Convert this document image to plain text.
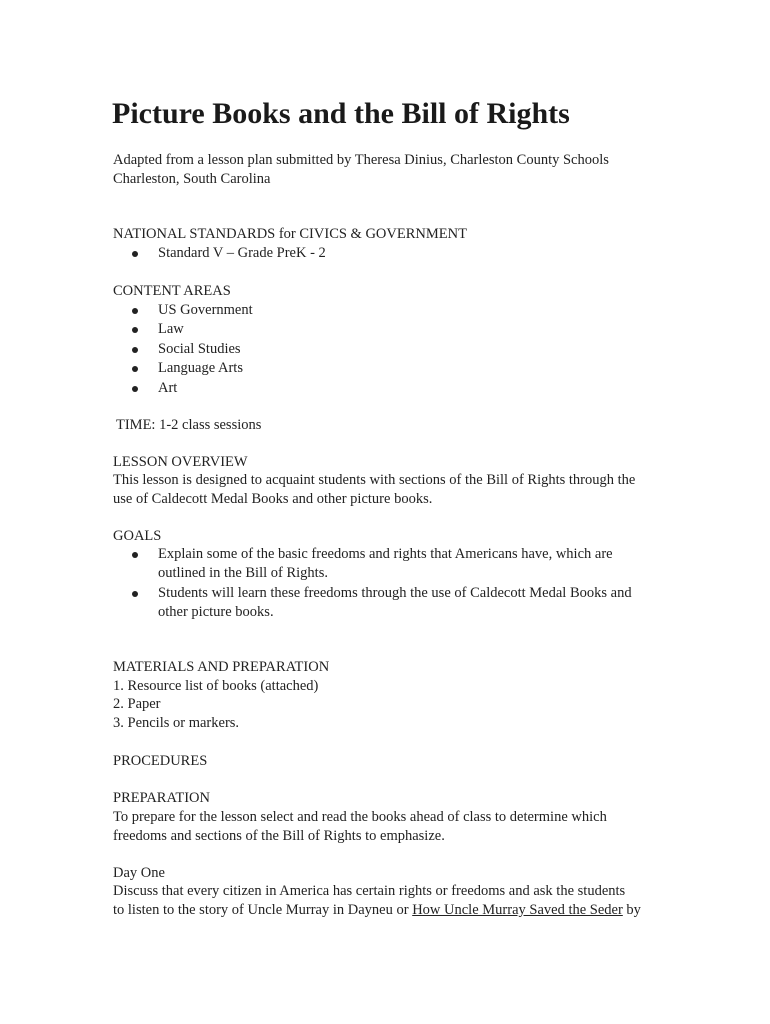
Picture Books and the Bill of Rights
Adapted from a lesson plan submitted by Theresa Dinius, Charleston County Schools
Charleston, South Carolina
NATIONAL STANDARDS for CIVICS & GOVERNMENT
Standard V – Grade PreK - 2
CONTENT AREAS
US Government
Law
Social Studies
Language Arts
Art
TIME: 1-2 class sessions
LESSON OVERVIEW
This lesson is designed to acquaint students with sections of the Bill of Rights through the
use of Caldecott Medal Books and other picture books.
GOALS
Explain some of the basic freedoms and rights that Americans have, which are
outlined in the Bill of Rights.
Students will learn these freedoms through the use of Caldecott Medal Books and
other picture books.
MATERIALS AND PREPARATION
1. Resource list of books (attached)
2. Paper
3. Pencils or markers.
PROCEDURES
PREPARATION
To prepare for the lesson select and read the books ahead of class to determine which
freedoms and sections of the Bill of Rights to emphasize.
Day One
Discuss that every citizen in America has certain rights or freedoms and ask the students
to listen to the story of Uncle Murray in Dayneu or How Uncle Murray Saved the Seder by
